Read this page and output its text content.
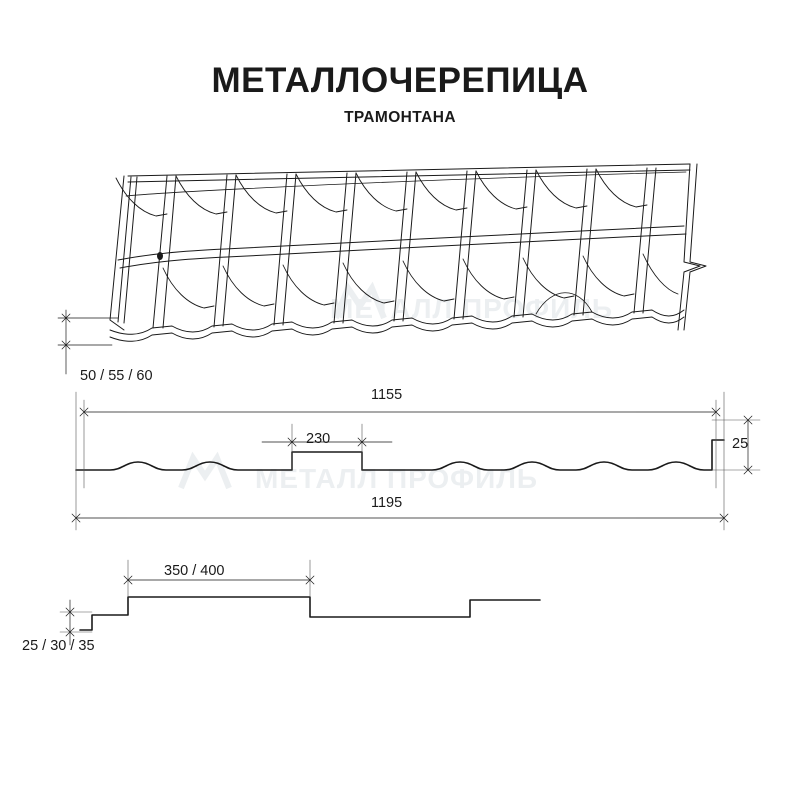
МЕТАЛЛ ПРОФИЛЬ
МЕТАЛЛ ПРОФИЛЬ
МЕТАЛЛОЧЕРЕПИЦА
ТРАМОНТАНА
50 / 55 / 60
1155
230	25
1195
350 / 400
25 / 30 / 35
